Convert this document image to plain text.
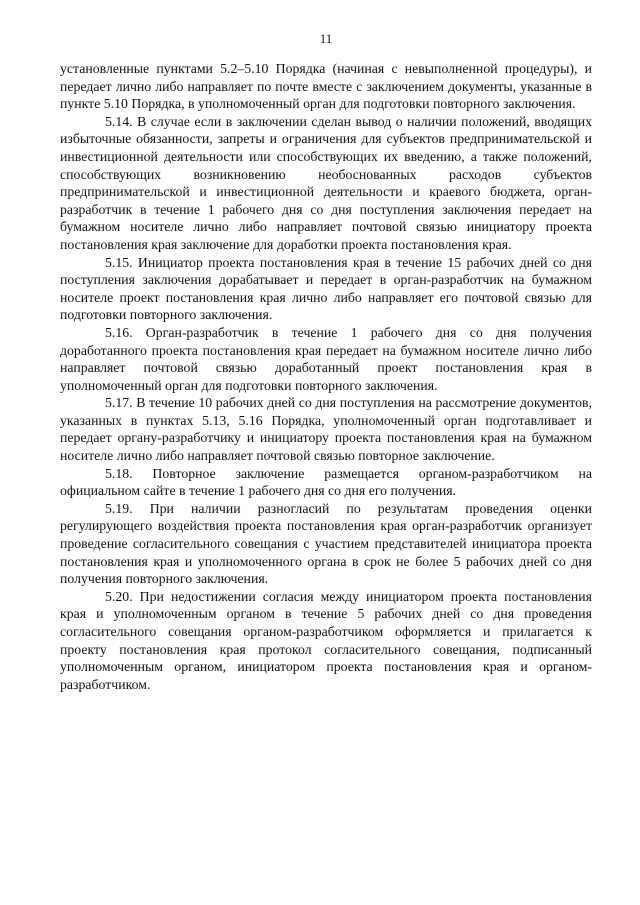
11

установленные пунктами 5.2–5.10 Порядка (начиная с невыполненной процедуры), и передает лично либо направляет по почте вместе с заключением документы, указанные в пункте 5.10 Порядка, в уполномоченный орган для подготовки повторного заключения.

5.14. В случае если в заключении сделан вывод о наличии положений, вводящих избыточные обязанности, запреты и ограничения для субъектов предпринимательской и инвестиционной деятельности или способствующих их введению, а также положений, способствующих возникновению необоснованных расходов субъектов предпринимательской и инвестиционной деятельности и краевого бюджета, орган-разработчик в течение 1 рабочего дня со дня поступления заключения передает на бумажном носителе лично либо направляет почтовой связью инициатору проекта постановления края заключение для доработки проекта постановления края.

5.15. Инициатор проекта постановления края в течение 15 рабочих дней со дня поступления заключения дорабатывает и передает в орган-разработчик на бумажном носителе проект постановления края лично либо направляет его почтовой связью для подготовки повторного заключения.

5.16. Орган-разработчик в течение 1 рабочего дня со дня получения доработанного проекта постановления края передает на бумажном носителе лично либо направляет почтовой связью доработанный проект постановления края в уполномоченный орган для подготовки повторного заключения.

5.17. В течение 10 рабочих дней со дня поступления на рассмотрение документов, указанных в пунктах 5.13, 5.16 Порядка, уполномоченный орган подготавливает и передает органу-разработчику и инициатору проекта постановления края на бумажном носителе лично либо направляет почтовой связью повторное заключение.

5.18. Повторное заключение размещается органом-разработчиком на официальном сайте в течение 1 рабочего дня со дня его получения.

5.19. При наличии разногласий по результатам проведения оценки регулирующего воздействия проекта постановления края орган-разработчик организует проведение согласительного совещания с участием представителей инициатора проекта постановления края и уполномоченного органа в срок не более 5 рабочих дней со дня получения повторного заключения.

5.20. При недостижении согласия между инициатором проекта постановления края и уполномоченным органом в течение 5 рабочих дней со дня проведения согласительного совещания органом-разработчиком оформляется и прилагается к проекту постановления края протокол согласительного совещания, подписанный уполномоченным органом, инициатором проекта постановления края и органом-разработчиком.
